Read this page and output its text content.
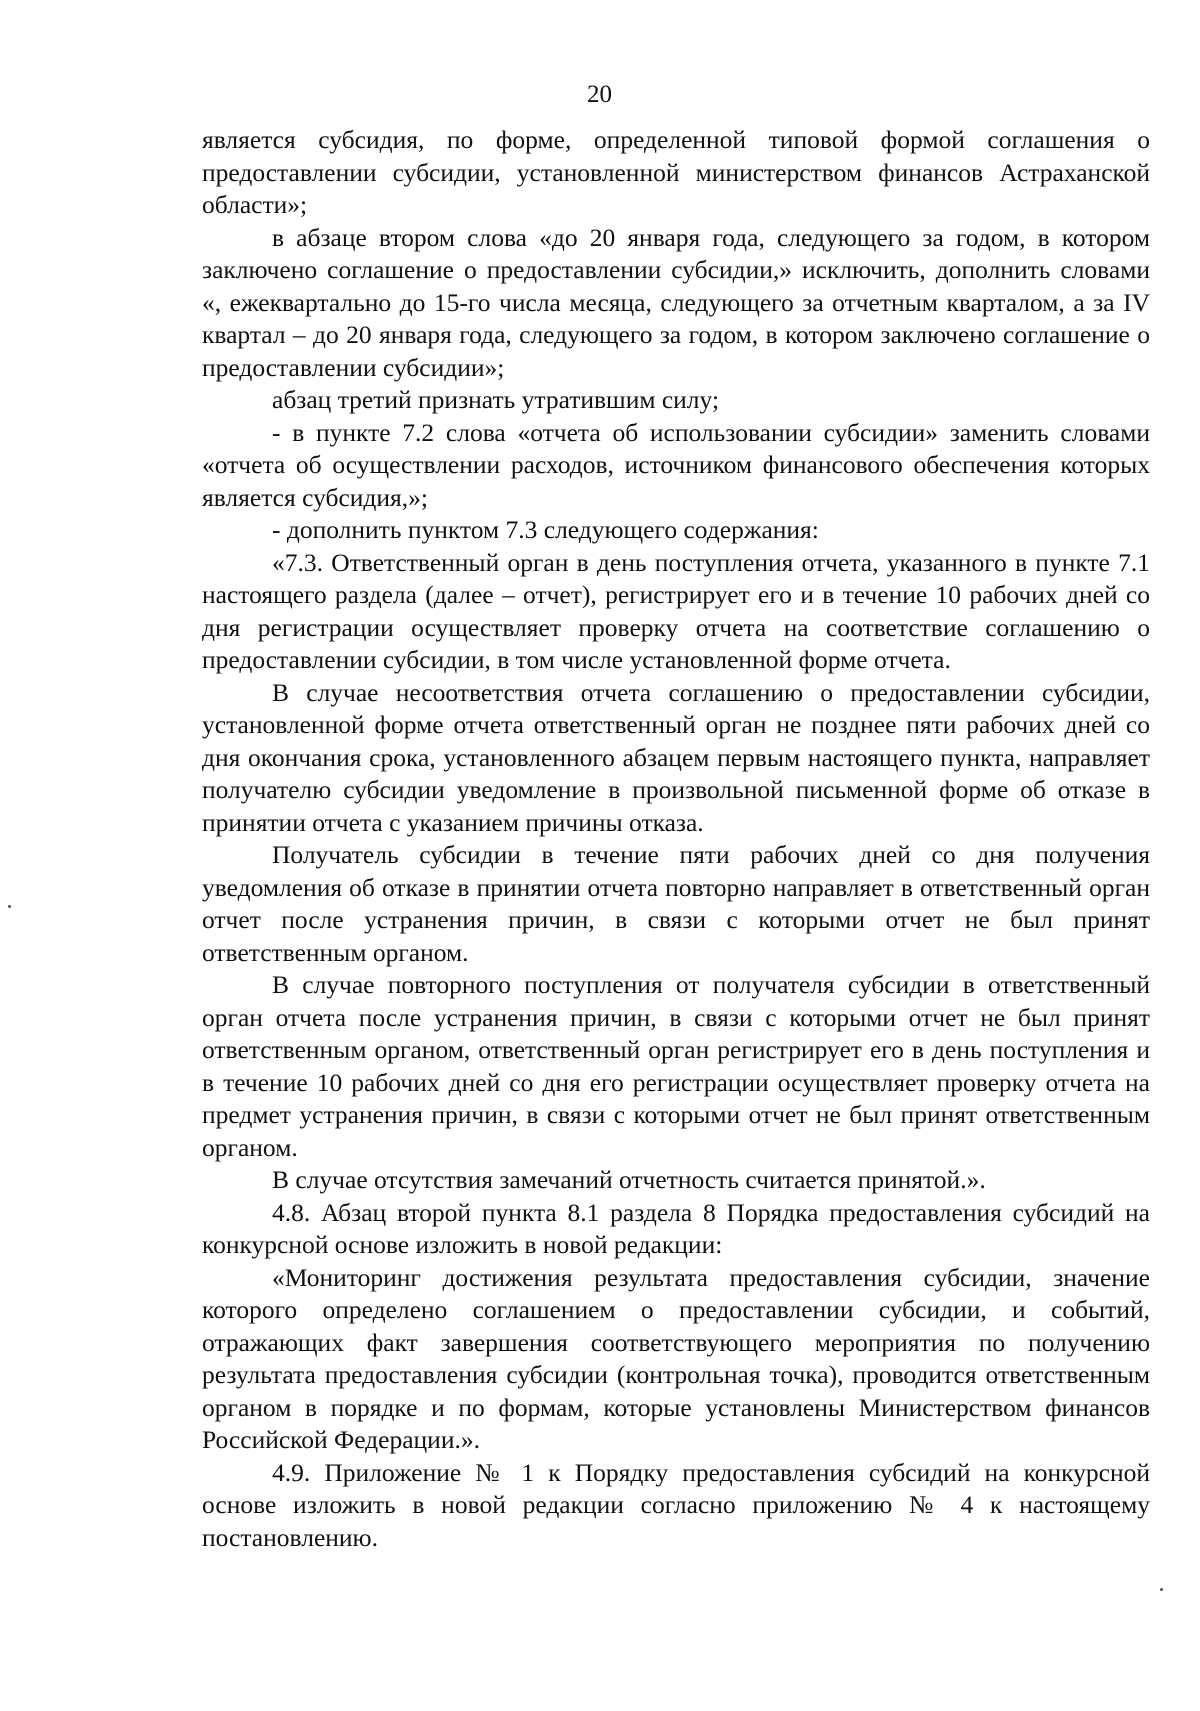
20

является субсидия, по форме, определенной типовой формой соглашения о предоставлении субсидии, установленной министерством финансов Астраханской области»;

в абзаце втором слова «до 20 января года, следующего за годом, в котором заключено соглашение о предоставлении субсидии,» исключить, дополнить словами «, ежеквартально до 15-го числа месяца, следующего за отчетным кварталом, а за IV квартал – до 20 января года, следующего за годом, в котором заключено соглашение о предоставлении субсидии»;

абзац третий признать утратившим силу;

- в пункте 7.2 слова «отчета об использовании субсидии» заменить словами «отчета об осуществлении расходов, источником финансового обеспечения которых является субсидия,»;

- дополнить пунктом 7.3 следующего содержания:

«7.3. Ответственный орган в день поступления отчета, указанного в пункте 7.1 настоящего раздела (далее – отчет), регистрирует его и в течение 10 рабочих дней со дня регистрации осуществляет проверку отчета на соответствие соглашению о предоставлении субсидии, в том числе установленной форме отчета.

В случае несоответствия отчета соглашению о предоставлении субсидии, установленной форме отчета ответственный орган не позднее пяти рабочих дней со дня окончания срока, установленного абзацем первым настоящего пункта, направляет получателю субсидии уведомление в произвольной письменной форме об отказе в принятии отчета с указанием причины отказа.

Получатель субсидии в течение пяти рабочих дней со дня получения уведомления об отказе в принятии отчета повторно направляет в ответственный орган отчет после устранения причин, в связи с которыми отчет не был принят ответственным органом.

В случае повторного поступления от получателя субсидии в ответственный орган отчета после устранения причин, в связи с которыми отчет не был принят ответственным органом, ответственный орган регистрирует его в день поступления и в течение 10 рабочих дней со дня его регистрации осуществляет проверку отчета на предмет устранения причин, в связи с которыми отчет не был принят ответственным органом.

В случае отсутствия замечаний отчетность считается принятой.».

4.8. Абзац второй пункта 8.1 раздела 8 Порядка предоставления субсидий на конкурсной основе изложить в новой редакции:

«Мониторинг достижения результата предоставления субсидии, значение которого определено соглашением о предоставлении субсидии, и событий, отражающих факт завершения соответствующего мероприятия по получению результата предоставления субсидии (контрольная точка), проводится ответственным органом в порядке и по формам, которые установлены Министерством финансов Российской Федерации.».

4.9. Приложение № 1 к Порядку предоставления субсидий на конкурсной основе изложить в новой редакции согласно приложению № 4 к настоящему постановлению.
